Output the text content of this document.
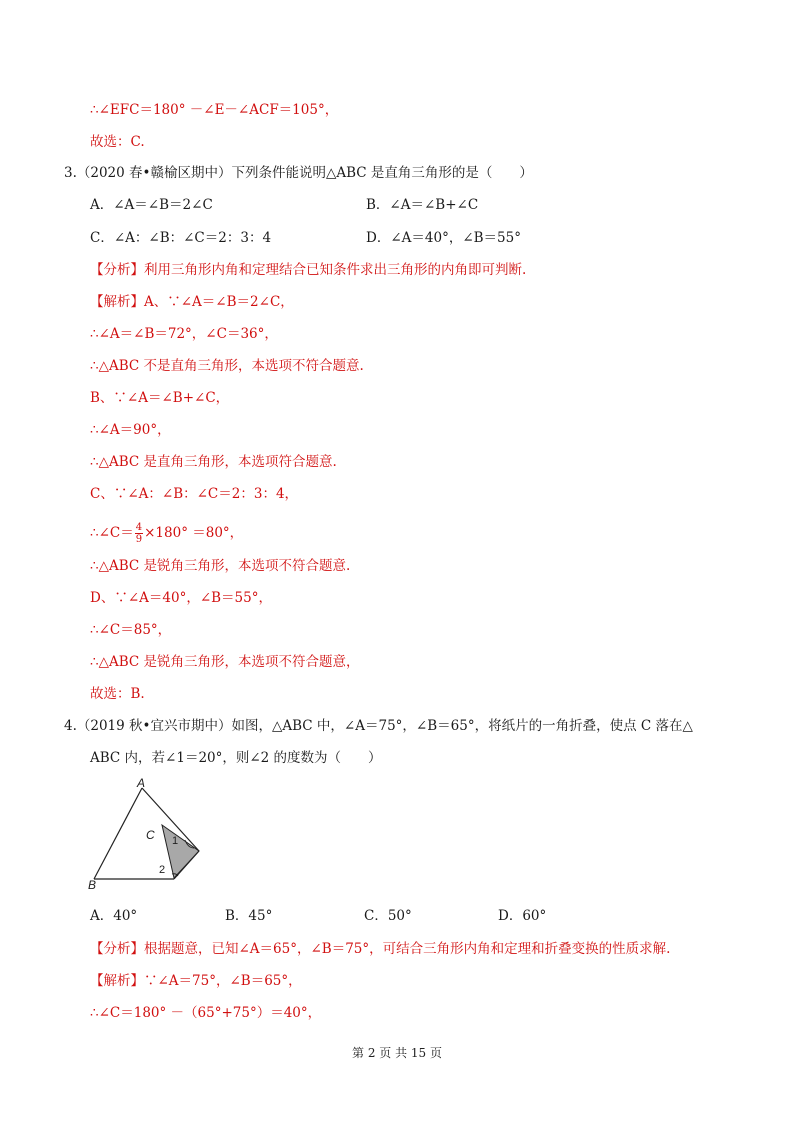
∴∠EFC＝180° －∠E－∠ACF＝105°，
故选：C.
3.（2020 春•赣榆区期中）下列条件能说明△ABC 是直角三角形的是（　　）
A．∠A＝∠B＝2∠C	B．∠A＝∠B+∠C
C．∠A：∠B：∠C＝2：3：4	D．∠A＝40°，∠B＝55°
【分析】利用三角形内角和定理结合已知条件求出三角形的内角即可判断.
【解析】A、∵∠A＝∠B＝2∠C，
∴∠A＝∠B＝72°，∠C＝36°，
∴△ABC 不是直角三角形，本选项不符合题意.
B、∵∠A＝∠B+∠C，
∴∠A＝90°，
∴△ABC 是直角三角形，本选项符合题意.
C、∵∠A：∠B：∠C＝2：3：4，
∴∠C＝ $\frac{4}{9} \times 180^\circ =80^\circ$，
∴△ABC 是锐角三角形，本选项不符合题意.
D、∵∠A＝40°，∠B＝55°，
∴∠C＝85°，
∴△ABC 是锐角三角形，本选项不符合题意，
故选：B.
4.（2019 秋•宜兴市期中）如图，△ABC 中，∠A＝75°，∠B＝65°，将纸片的一角折叠，使点 C 落在△
ABC 内，若∠1＝20°，则∠2 的度数为（　　）
A
B
C 1
2
A．40°	B．45°	C．50°	D．60°
【分析】根据题意，已知∠A＝65°，∠B＝75°，可结合三角形内角和定理和折叠变换的性质求解.
【解析】∵∠A＝75°，∠B＝65°，
∴∠C＝180° －（65°+75°）＝40°，
第 2 页 共 15 页
